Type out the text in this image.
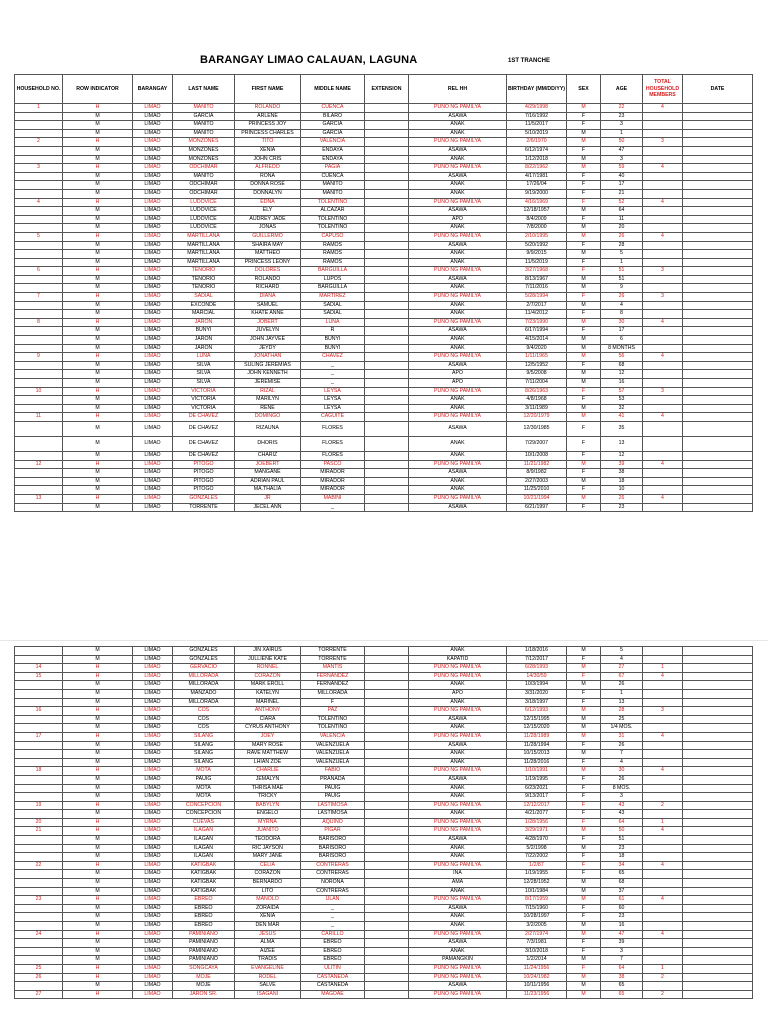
BARANGAY LIMAO CALAUAN, LAGUNA	1ST TRANCHE
HOUSEHOLD NO.	ROW INDICATOR	BARANGAY	LAST NAME	FIRST NAME	MIDDLE NAME	EXTENSION	REL HH	BIRTHDAY (MM/DD/YY)	SEX	AGE	TOTAL HOUSEHOLD MEMBERS	DATE
1	H	LIMAO	MANITO	ROLANDO	CUENCA		PUNO NG PAMILYA	4/29/1998	M	22	4	
	M	LIMAO	GARCIA	ARLENE	BILARO		ASAWA	7/16/1992	F	23		
	M	LIMAO	MANITO	PRINCESS JOY	GARCIA		ANAK	11/5/2017	F	3		
	M	LIMAO	MANITO	PRINCESS CHARLES	GARCIA		ANAK	5/10/2019	M	1		
2	H	LIMAO	MONZONES	TITO	VALENCIA		PUNO NG PAMILYA	2/6/1970	M	50	3	
	M	LIMAO	MONZONES	XENIA	ENDAYA		ASAWA	6/12/1974	F	47		
	M	LIMAO	MONZONES	JOHN CRIS	ENDAYA		ANAK	1/12/2018	M	3		
3	H	LIMAO	ODCHIMAR	ALFREDO	PAGIA		PUNO NG PAMILYA	8/22/1962	M	59	4	
	M	LIMAO	MANITO	RONA	CUENCA		ASAWA	4/17/1981	F	40		
	M	LIMAO	ODCHIMAR	DONNA ROSE	MANITO		ANAK	17/26/04	F	17		
	M	LIMAO	ODCHIMAR	DONNALYN	MANITO		ANAK	9/19/2000	F	21		
4	H	LIMAO	LUDOVICE	EDNA	TOLENTINO		PUNO NG PAMILYA	4/16/1969	F	52	4	
	M	LIMAO	LUDOVICE	ELY	ALCAZAR		ASAWA	12/18/1957	M	64		
	M	LIMAO	LUDOVICE	AUDREY JADE	TOLENTINO		APO	8/4/2009	F	11		
	M	LIMAO	LUDOVICE	JONAS	TOLENTINO		ANAK	7/8/2000	M	20		
5	H	LIMAO	MARTILLANA	GUILLERMO	CAPUSO		PUNO NG PAMILYA	2/10/1995	M	26	4	
	M	LIMAO	MARTILLANA	SHAIRA MAY	RAMOS		ASAWA	5/20/1992	F	28		
	M	LIMAO	MARTILLANA	MATTHEO	RAMOS		ANAK	9/9/2015	M	5		
	M	LIMAO	MARTILLANA	PRINCESS LEONY	RAMOS		ANAK	11/5/2019	F	1		
6	H	LIMAO	TENORIO	DOLORES	BARGUILLA		PUNO NG PAMILYA	3/27/1968	F	51	3	
	M	LIMAO	TENORIO	ROLANDO	LUPOS		ASAWA	8/13/1967	M	51		
	M	LIMAO	TENORIO	RICHARD	BARGUILLA		ANAK	7/11/2016	M	9		
7	H	LIMAO	SADIAL	DIANA	MARTIREZ		PUNO NG PAMILYA	5/28/1994	F	26	3	
	M	LIMAO	EXCONDE	SAMUEL	SADIAL		ANAK	2/7/2017	M	4		
	M	LIMAO	MARCIAL	KHATE ANNE	SADIAL		ANAK	11/4/2012	F	8		
8	H	LIMAO	JARON	JOBERT	LUNA		PUNO NG PAMILYA	7/23/1990	M	30	4	
	M	LIMAO	BUNYI	JUVELYN	R		ASAWA	6/17/1994	F	17		
	M	LIMAO	JARON	JOHN JAYVEE	BUNYI		ANAK	4/15/2014	M	6		
	M	LIMAO	JARON	JEYDY	BUNYI		ANAK	9/4/2020	M	8 MONTHS		
9	H	LIMAO	LUNA	JONATHAN	CHAVEZ		PUNO NG PAMILYA	1/11/1965	M	56	4	
	M	LIMAO	SILVA	SULING JEREMIAS	_		ASAWA	12/5/1952	F	68		
	M	LIMAO	SILVA	JOHN KENNETH	_		APO	9/5/2008	M	12		
	M	LIMAO	SILVA	JEREMISE	_		APO	7/11/2004	M	16		
10	H	LIMAO	VICTORIA	RIZAL	LEYSA		PUNO NG PAMILYA	8/26/1963	F	57	3	
	M	LIMAO	VICTORIA	MARILYN	LEYSA		ANAK	4/8/1968	F	53		
	M	LIMAO	VICTORIA	RENE	LEYSA		ANAK	3/11/1989	M	32		
11	H	LIMAO	DE CHAVEZ	DOMINGO	CAGUITE		PUNO NG PAMILYA	12/20/1979	M	41	4	
	M	LIMAO	DE CHAVEZ	RIZAUNA	FLORES		ASAWA	12/30/1985	F	35		
	M	LIMAO	DE CHAVEZ	DHORIS	FLORES		ANAK	7/29/2007	F	13		
	M	LIMAO	DE CHAVEZ	CHARIZ	FLORES		ANAK	10/1/2008	F	12		
12	H	LIMAO	PITOGO	JOEBERT	PASCO		PUNO NG PAMILYA	11/21/1982	M	39	4	
	M	LIMAO	PITOGO	MANGANE	MIRADOR		ASAWA	8/9/1982	F	38		
	M	LIMAO	PITOGO	ADRIAN PAUL	MIRADOR		ANAK	2/27/2003	M	18		
	M	LIMAO	PITOGO	MA.THALIA	MIRADOR		ANAK	11/25/2010	F	10		
13	H	LIMAO	GONZALES	JR	MABINI		PUNO NG PAMILYA	10/21/1994	M	26	4	
	M	LIMAO	TORRENTE	JECEL ANN	_		ASAWA	6/21/1997	F	23		
	M	LIMAO	GONZALES	JIN XAIRUS	TORRENTE		ANAK	1/18/2016	M	5		
	M	LIMAO	GONZALES	JULLIENE KATE	TORRENTE		KAPATID	7/12/2017	F	4		
14	H	LIMAO	GERVACIO	RONNEL	MANTIS		PUNO NG PAMILYA	6/28/1993	M	27	1	
15	H	LIMAO	MILLORADA	CORAZON	FERNANDEZ		PUNO NG PAMILYA	14/30/59	F	67	4	
	M	LIMAO	MILLORADA	MARK EROLL	FERNANDEZ		ANAK	10/3/1994	M	26		
	M	LIMAO	MANZADO	KATELYN	MILLORADA		APO	3/31/2020	F	1		
	M	LIMAO	MILLORADA	MARINEL	F		ANAK	3/18/1997	F	13		
16	H	LIMAO	COS	ANTHONY	PAZ		PUNO NG PAMILYA	6/12/1993	M	28	3	
	M	LIMAO	COS	CIARA	TOLENTINO		ASAWA	12/15/1995	M	25		
	M	LIMAO	COS	CYRUS ANTHONY	TOLENTINO		ANAK	12/15/2020	M	1/4 MOS.		
17	H	LIMAO	SILANG	JOEY	VALENCIA		PUNO NG PAMILYA	11/28/1989	M	31	4	
	M	LIMAO	SILANG	MARY ROSE	VALENZUELA		ASAWA	11/28/1994	F	26		
	M	LIMAO	SILANG	RAVE MATTHEW	VALENZUELA		ANAK	10/15/2013	M	7		
	M	LIMAO	SILANG	LHIAN ZOE	VALENZUELA		ANAK	11/28/2016	F	4		
18	H	LIMAO	MOTA	CHARLIE	FABIO		PUNO NG PAMILYA	1/10/1991	M	30	4	
	M	LIMAO	PAUIG	JEMALYN	PRANADA		ASAWA	1/19/1995	F	26		
	M	LIMAO	MOTA	THRISA MAE	PAUIG		ANAK	6/23/2021	F	8 MOS.		
	M	LIMAO	MOTA	TRICKY	PAUIG		ANAK	9/13/2017	F	3		
19	H	LIMAO	CONCEPCION	BABYLYN	LASTIMOSA		PUNO NG PAMILYA	12/12/2017	F	43	2	
	M	LIMAO	CONCEPCION	ENGELO	LASTIMOSA		ANAK	4/21/2077	F	43		
20	H	LIMAO	CUEVAS	MYRNA	AQUINO		PUNO NG PAMILYA	1/28/1956	F	64	1	
21	H	LIMAO	ILAGAN	JUANITO	PIGAR		PUNO NG PAMILYA	3/29/1971	M	50	4	
	M	LIMAO	ILAGAN	TEODORA	BARISORO		ASAWA	4/28/1970	F	51		
	M	LIMAO	ILAGAN	RIC JAYSON	BARISORO		ANAK	5/2/1998	M	23		
	M	LIMAO	ILAGAN	MARY JANE	BARISORO		ANAK	7/22/2002	F	18		
22	H	LIMAO	KATIGBAK	CELIA	CONTRERAS		PUNO NG PAMILYA	1/2/87	F	34	4	
	M	LIMAO	KATIGBAK	CORAZON	CONTRERAS		INA	1/19/1955	F	65		
	M	LIMAO	KATIGBAK	BERNARDO	NOROÑA		AMA	12/28/1952	M	68		
	M	LIMAO	KATIGBAK	LITO	CONTRERAS		ANAK	10/1/1984	M	37		
23	H	LIMAO	EBREO	MANOLO	ULAN		PUNO NG PAMILYA	8/17/1959	M	61	4	
	M	LIMAO	EBREO	ZORAIDA	_		ASAWA	7/15/1960	F	60		
	M	LIMAO	EBREO	XENIA	_		ANAK	10/28/1997	F	23		
	M	LIMAO	EBREO	DEN MAR	_		ANAK	3/2/2005	M	16		
24	H	LIMAO	PAMINIANO	JESUS	CARILLO		PUNO NG PAMILYA	2/27/1974	M	47	4	
	M	LIMAO	PAMINIANO	ALMA	EBREO		ASAWA	7/3/1981	F	39		
	M	LIMAO	PAMINIANO	AIZEE	EBREO		ANAK	3/10/2018	F	3		
	M	LIMAO	PAMINIANO	TRADIS	EBREO		PAMANGKIN	1/2/2014	M	7		
25	H	LIMAO	SONGCAYA	EVANGELINE	ULITIN		PUNO NG PAMILYA	11/24/1956	F	64	1	
26	H	LIMAO	MOJE	RODEL	CASTANEDA		PUNO NG PAMILYA	10/24/1982	M	38	2	
	M	LIMAO	MOJE	SALVE	CASTANEDA		ASAWA	10/11/1956	M	65		
27	H	LIMAO	JARON SR.	ISAGANI	MAGDAE		PUNO NG PAMILYA	11/23/1956	M	65	2	
